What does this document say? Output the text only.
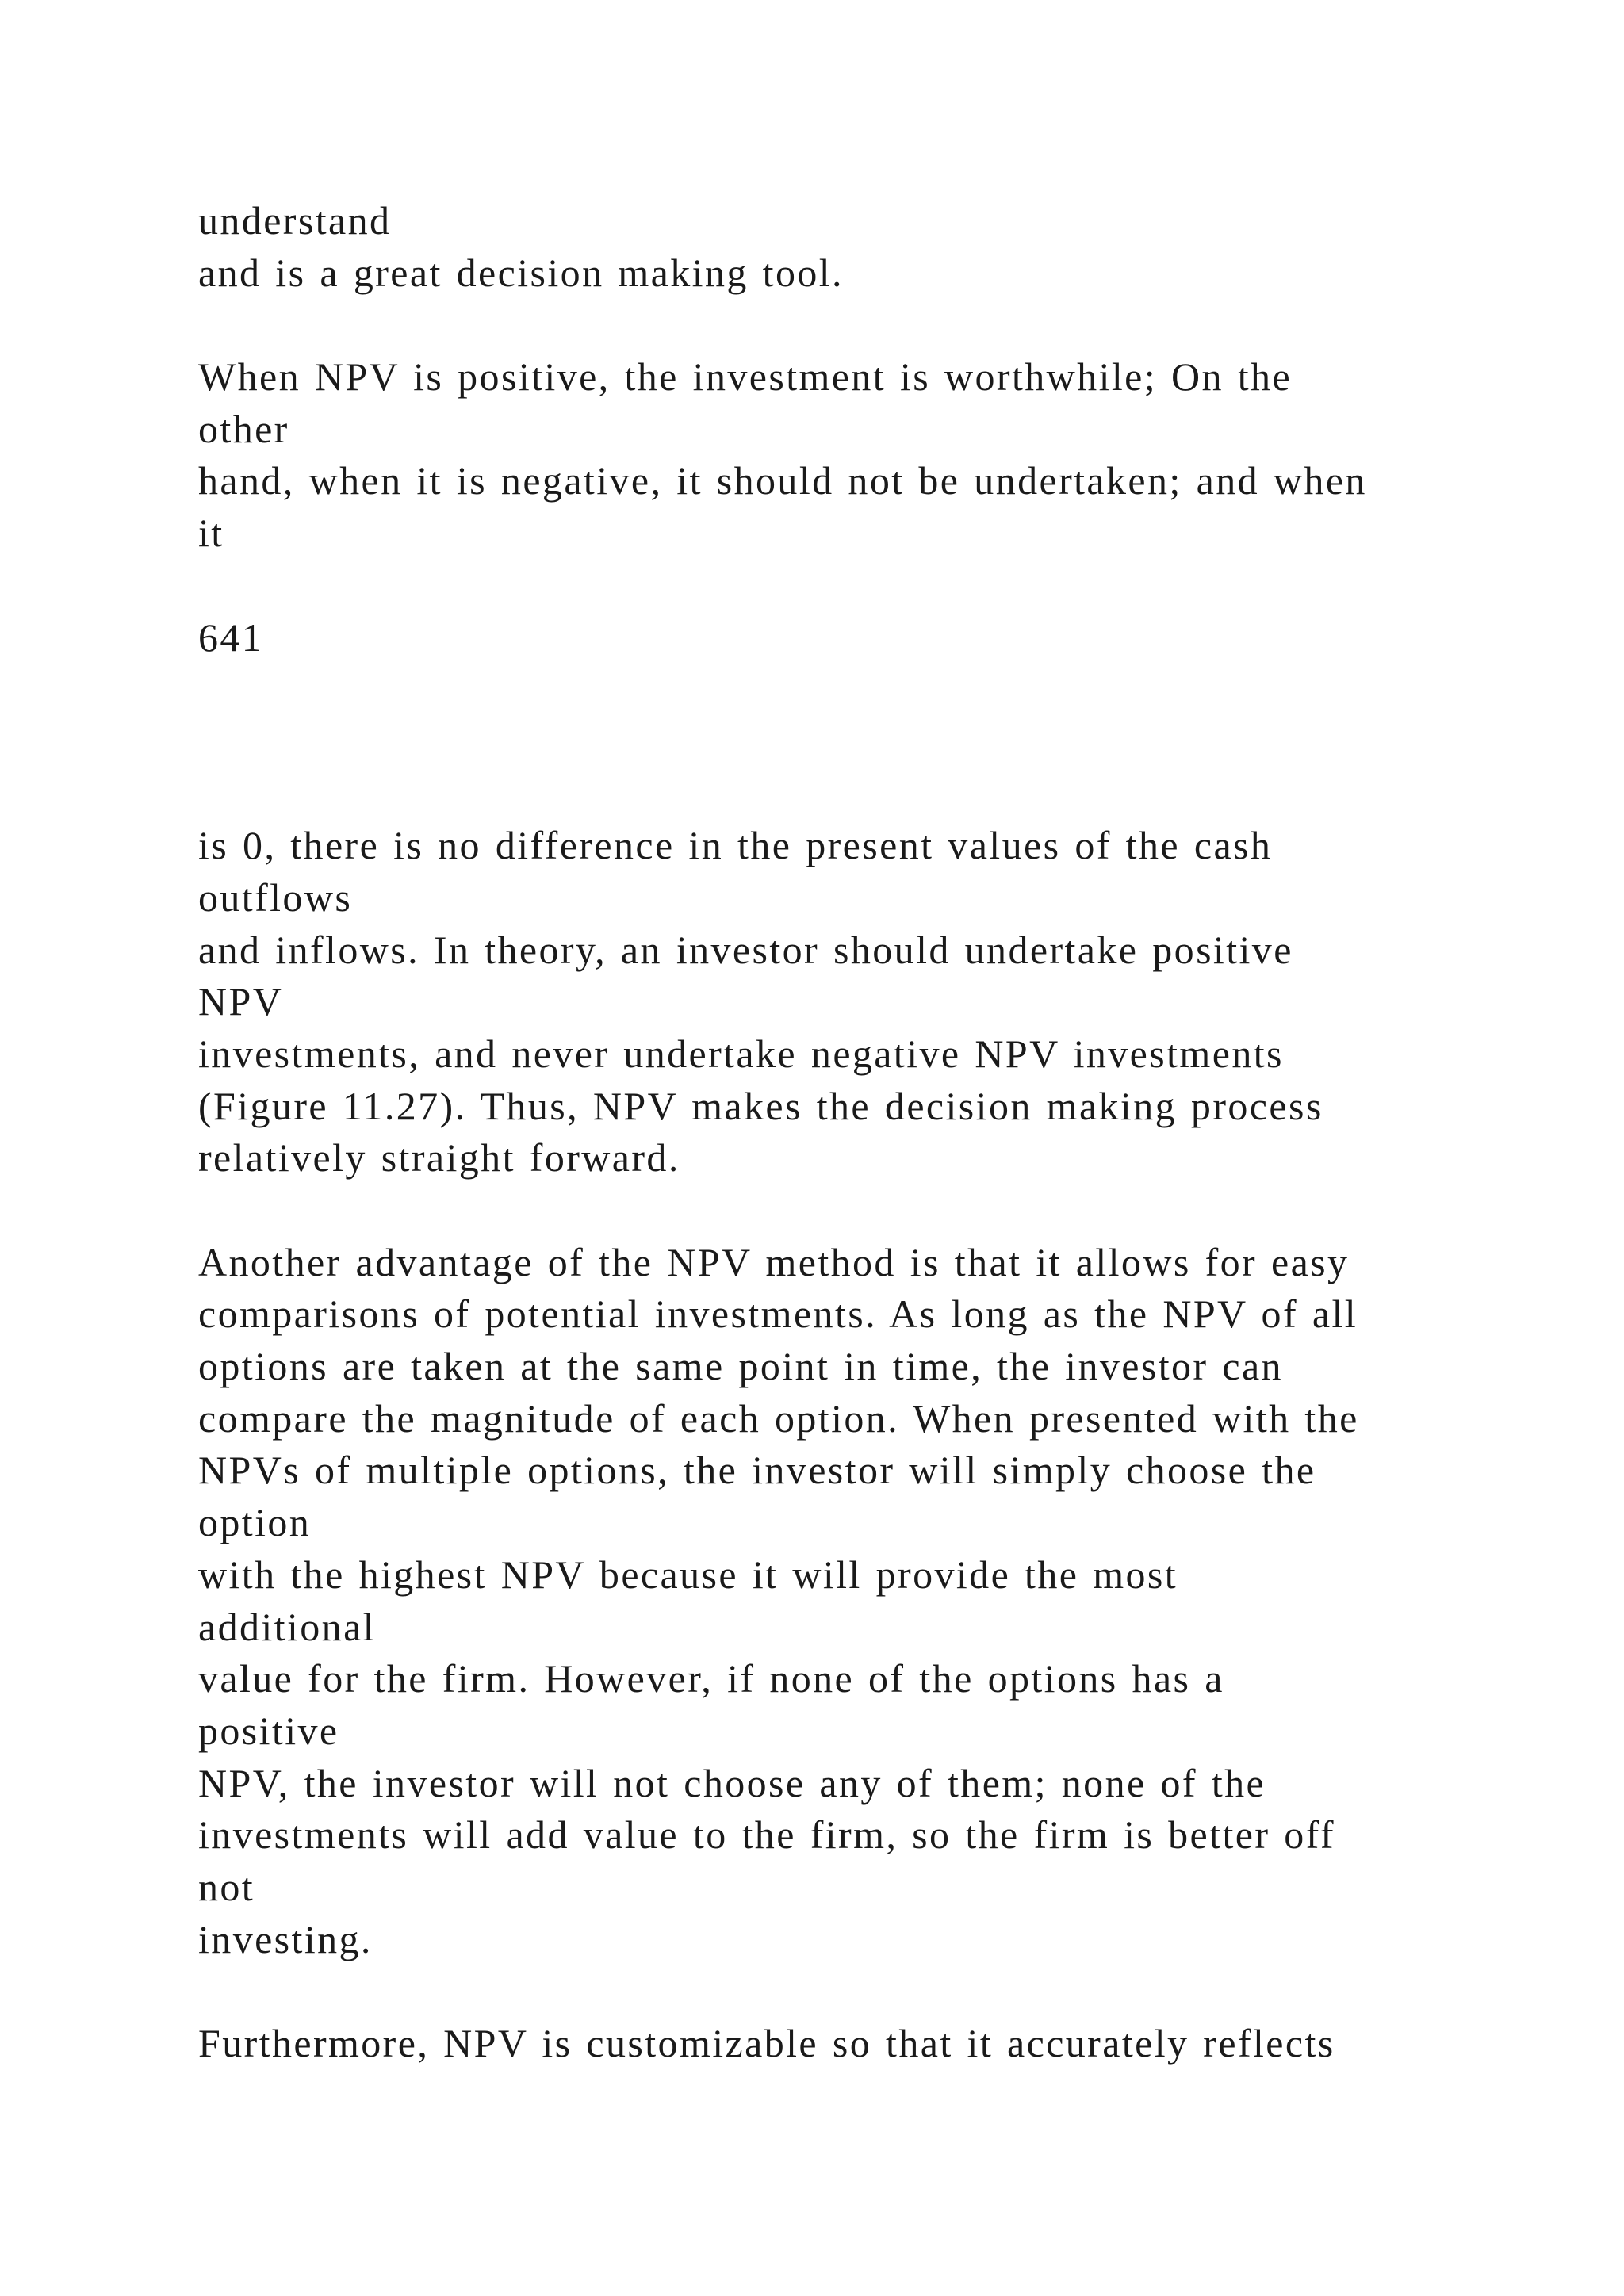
understand
and is a great decision making tool.
When NPV is positive, the investment is worthwhile; On the
other
hand, when it is negative, it should not be undertaken; and when
it
641
is 0, there is no difference in the present values of the cash
outflows
and inflows. In theory, an investor should undertake positive
NPV
investments, and never undertake negative NPV investments
(Figure 11.27). Thus, NPV makes the decision making process
relatively straight forward.
Another advantage of the NPV method is that it allows for easy
comparisons of potential investments. As long as the NPV of all
options are taken at the same point in time, the investor can
compare the magnitude of each option. When presented with the
NPVs of multiple options, the investor will simply choose the
option
with the highest NPV because it will provide the most
additional
value for the firm. However, if none of the options has a
positive
NPV, the investor will not choose any of them; none of the
investments will add value to the firm, so the firm is better off
not
investing.
Furthermore, NPV is customizable so that it accurately reflects
